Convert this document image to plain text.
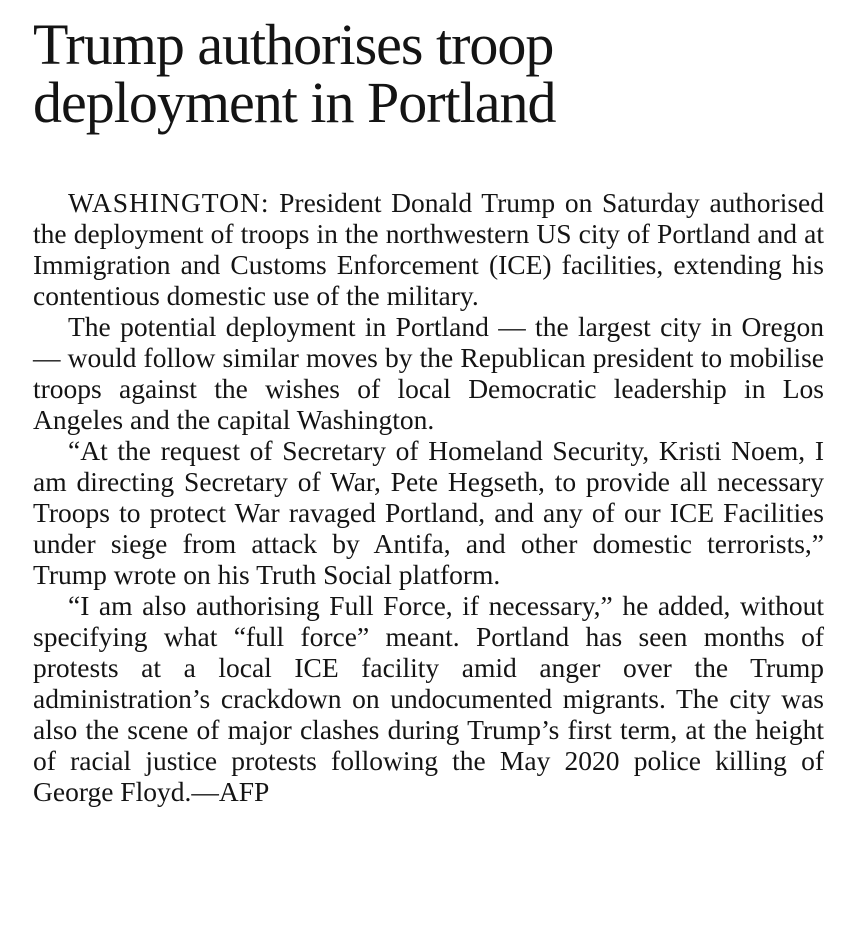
Trump authorises troop deployment in Portland

WASHINGTON: President Donald Trump on Saturday authorised the deployment of troops in the northwestern US city of Portland and at Immigration and Customs Enforcement (ICE) facilities, extending his contentious domestic use of the military.

The potential deployment in Portland — the largest city in Oregon — would follow similar moves by the Republican president to mobilise troops against the wishes of local Democratic leadership in Los Angeles and the capital Washington.

“At the request of Secretary of Homeland Security, Kristi Noem, I am directing Secretary of War, Pete Hegseth, to provide all necessary Troops to protect War ravaged Portland, and any of our ICE Facilities under siege from attack by Antifa, and other domestic terrorists,” Trump wrote on his Truth Social platform.

“I am also authorising Full Force, if necessary,” he added, without specifying what “full force” meant. Portland has seen months of protests at a local ICE facility amid anger over the Trump administration’s crackdown on undocumented migrants. The city was also the scene of major clashes during Trump’s first term, at the height of racial justice protests following the May 2020 police killing of George Floyd.—AFP
